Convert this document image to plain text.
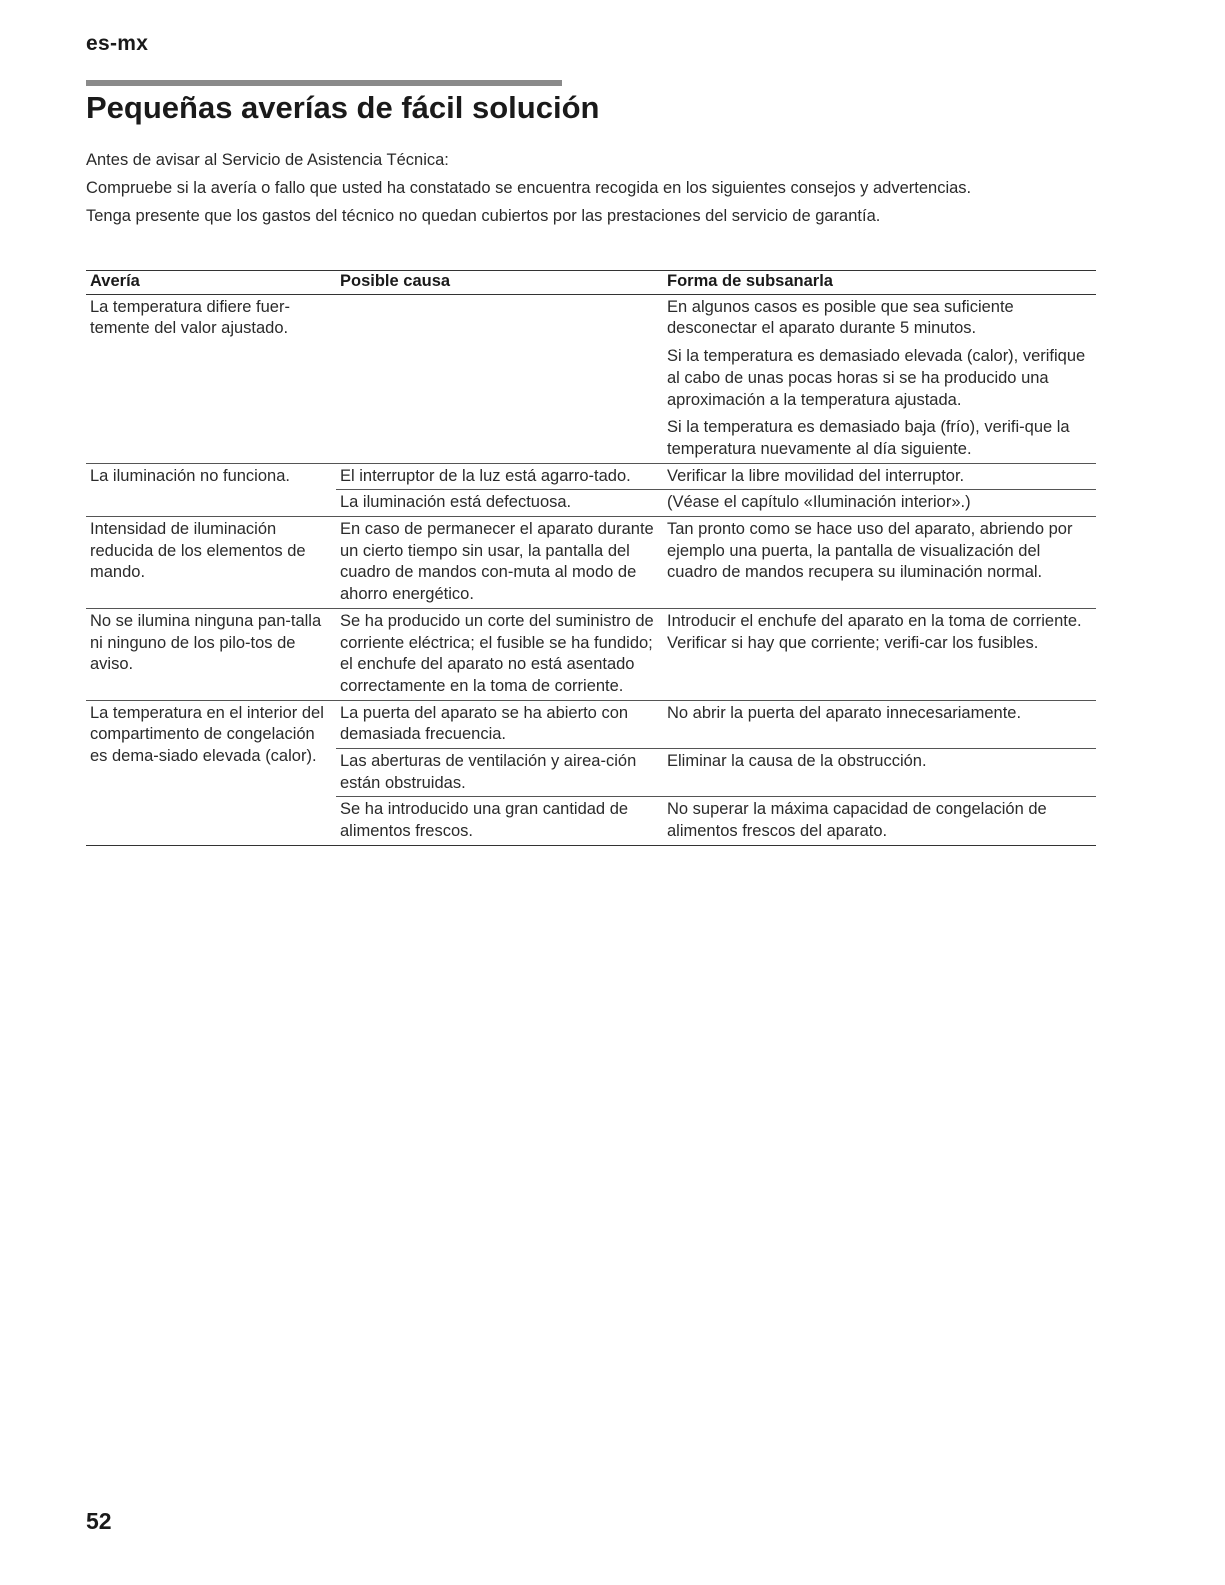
es-mx
Pequeñas averías de fácil solución

Antes de avisar al Servicio de Asistencia Técnica:

Compruebe si la avería o fallo que usted ha constatado se encuentra recogida en los siguientes consejos y advertencias.

Tenga presente que los gastos del técnico no quedan cubiertos por las prestaciones del servicio de garantía.

Avería	Posible causa	Forma de subsanarla
La temperatura difiere fuer-temente del valor ajustado.		En algunos casos es posible que sea suficiente desconectar el aparato durante 5 minutos.

Si la temperatura es demasiado elevada (calor), verifique al cabo de unas pocas horas si se ha producido una aproximación a la temperatura ajustada.

Si la temperatura es demasiado baja (frío), verifi-que la temperatura nuevamente al día siguiente.

La iluminación no funciona.	El interruptor de la luz está agarro-tado.	Verificar la libre movilidad del interruptor.
	La iluminación está defectuosa.	(Véase el capítulo «Iluminación interior».)
Intensidad de iluminación reducida de los elementos de mando.	En caso de permanecer el aparato durante un cierto tiempo sin usar, la pantalla del cuadro de mandos con-muta al modo de ahorro energético.	Tan pronto como se hace uso del aparato, abriendo por ejemplo una puerta, la pantalla de visualización del cuadro de mandos recupera su iluminación normal.
No se ilumina ninguna pan-talla ni ninguno de los pilo-tos de aviso.	Se ha producido un corte del suministro de corriente eléctrica; el fusible se ha fundido; el enchufe del aparato no está asentado correctamente en la toma de corriente.	Introducir el enchufe del aparato en la toma de corriente. Verificar si hay que corriente; verifi-car los fusibles.
La temperatura en el interior del compartimento de congelación es dema-siado elevada (calor).	La puerta del aparato se ha abierto con demasiada frecuencia.	No abrir la puerta del aparato innecesariamente.
	Las aberturas de ventilación y airea-ción están obstruidas.	Eliminar la causa de la obstrucción.
	Se ha introducido una gran cantidad de alimentos frescos.	No superar la máxima capacidad de congelación de alimentos frescos del aparato.
52
